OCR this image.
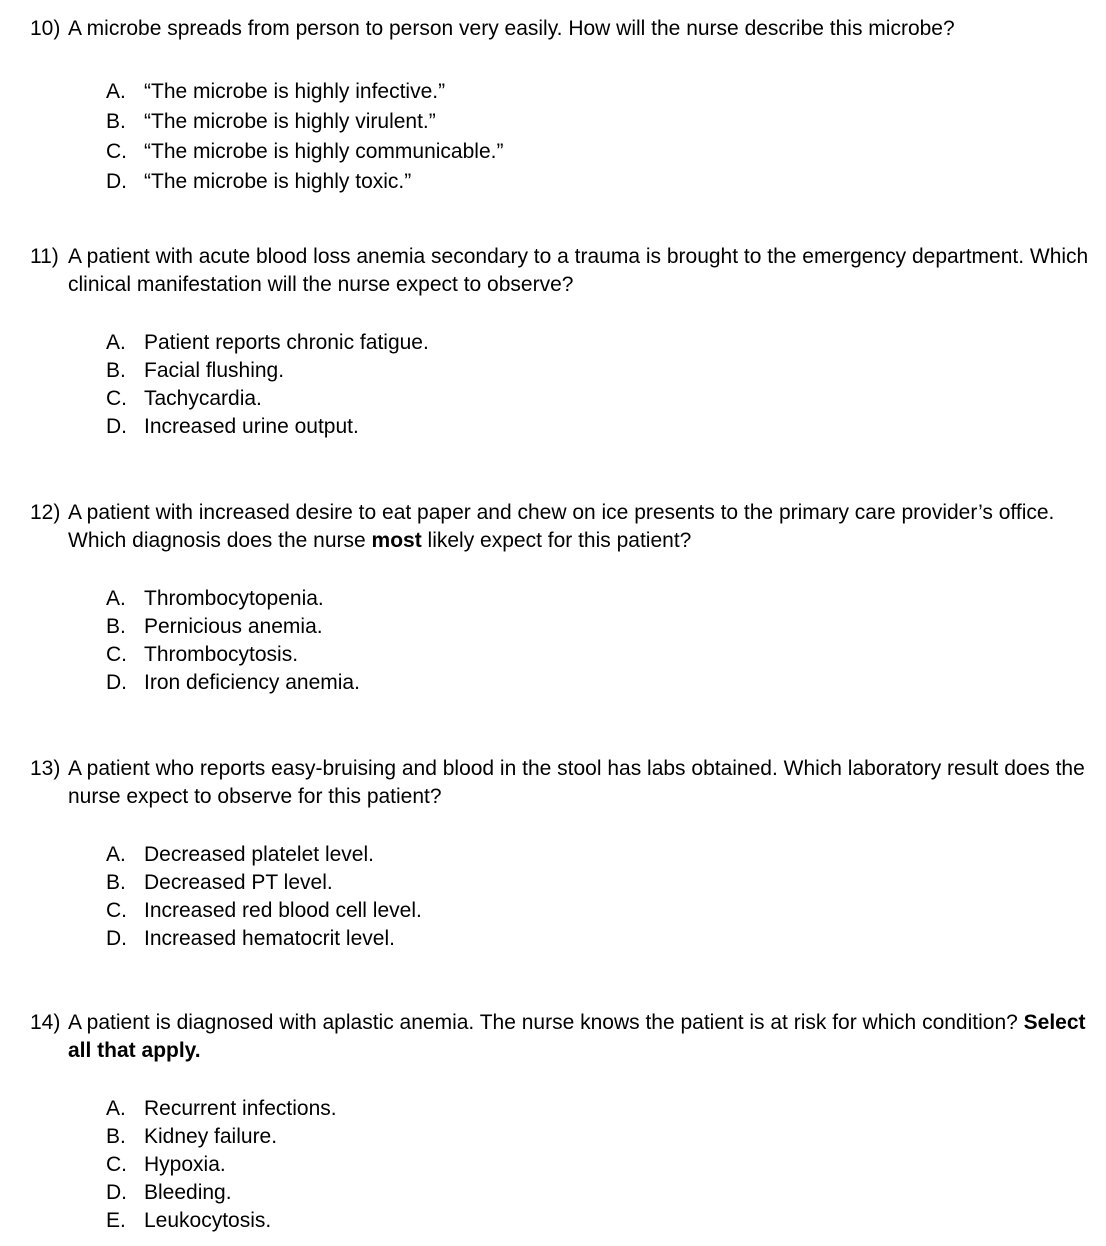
10) A microbe spreads from person to person very easily. How will the nurse describe this microbe?

A. “The microbe is highly infective.”
B. “The microbe is highly virulent.”
C. “The microbe is highly communicable.”
D. “The microbe is highly toxic.”

11) A patient with acute blood loss anemia secondary to a trauma is brought to the emergency department. Which clinical manifestation will the nurse expect to observe?

A. Patient reports chronic fatigue.
B. Facial flushing.
C. Tachycardia.
D. Increased urine output.

12) A patient with increased desire to eat paper and chew on ice presents to the primary care provider’s office. Which diagnosis does the nurse most likely expect for this patient?

A. Thrombocytopenia.
B. Pernicious anemia.
C. Thrombocytosis.
D. Iron deficiency anemia.

13) A patient who reports easy-bruising and blood in the stool has labs obtained. Which laboratory result does the nurse expect to observe for this patient?

A. Decreased platelet level.
B. Decreased PT level.
C. Increased red blood cell level.
D. Increased hematocrit level.

14) A patient is diagnosed with aplastic anemia. The nurse knows the patient is at risk for which condition? Select all that apply.

A. Recurrent infections.
B. Kidney failure.
C. Hypoxia.
D. Bleeding.
E. Leukocytosis.
